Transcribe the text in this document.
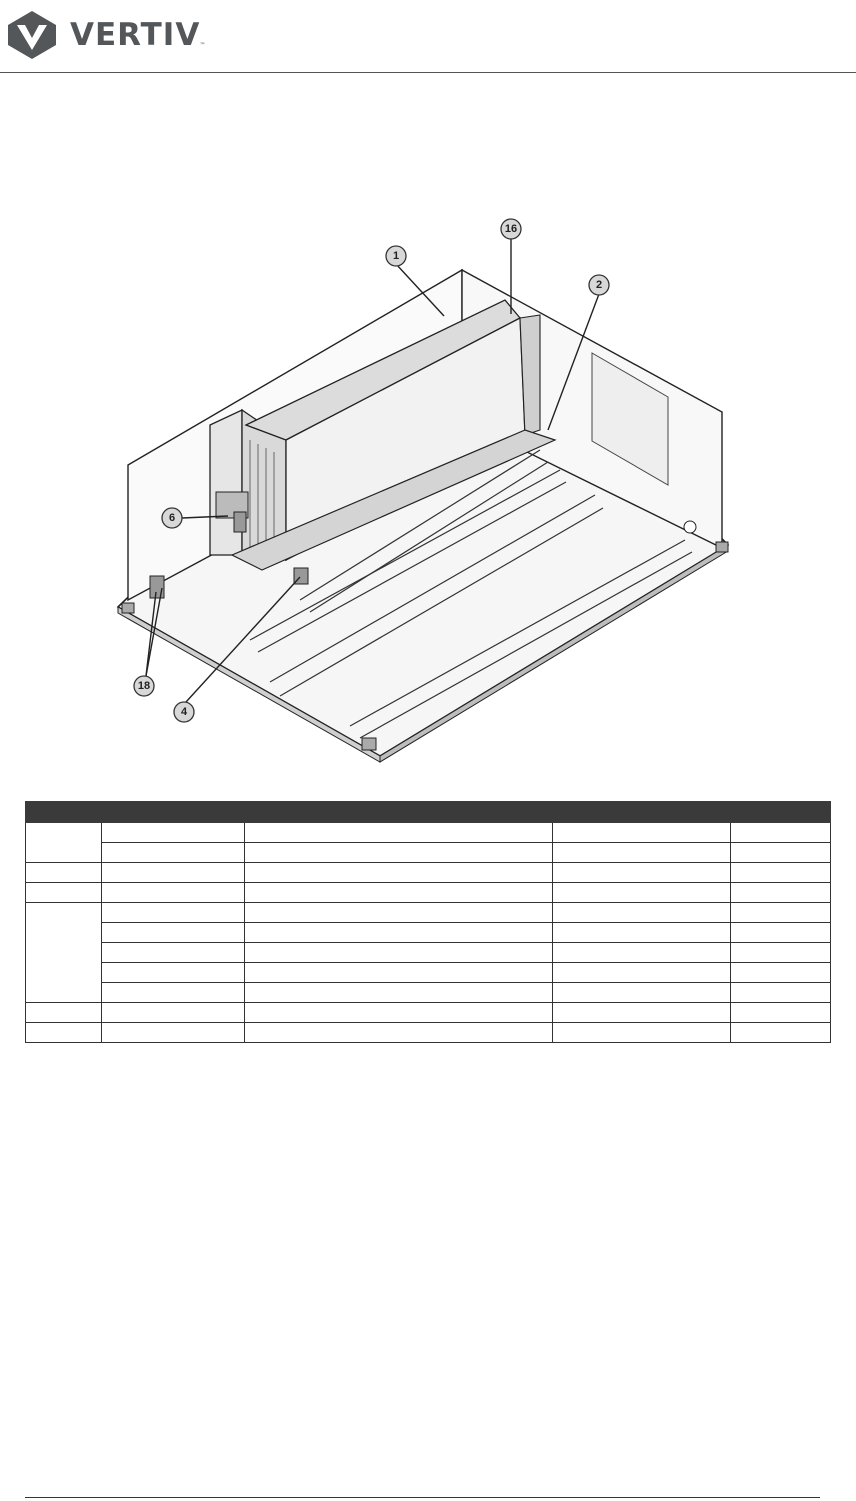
VERTIV ™
1
16
2
6
18
4
